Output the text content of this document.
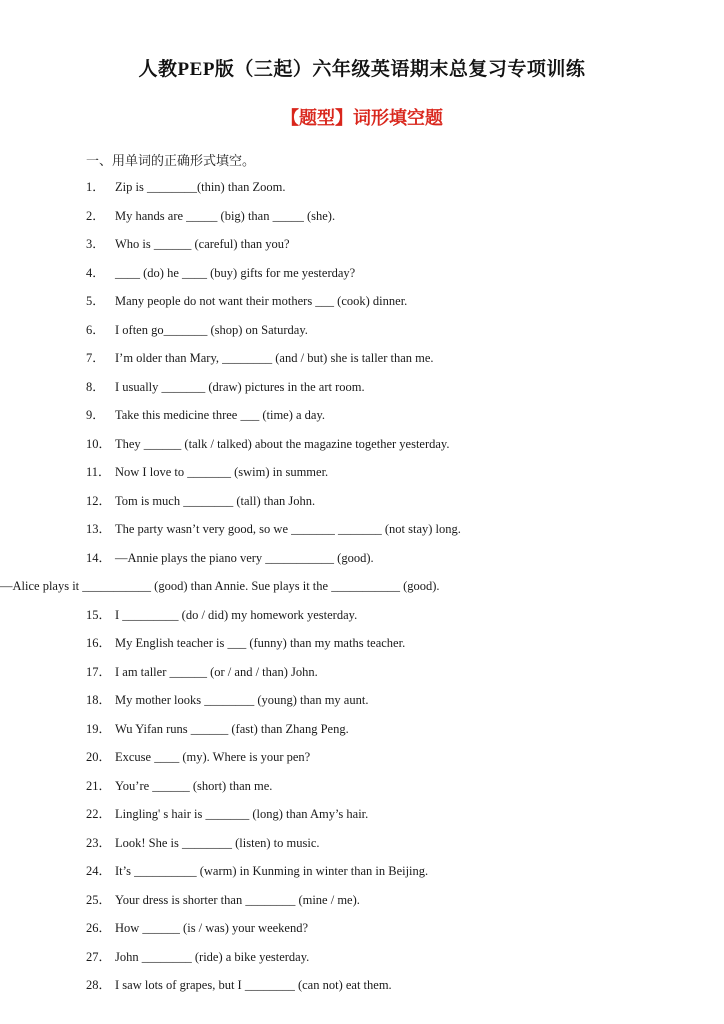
人教PEP版（三起）六年级英语期末总复习专项训练
【题型】词形填空题
一、用单词的正确形式填空。
1． Zip is ________(thin) than Zoom.
2． My hands are _____ (big) than _____ (she).
3． Who is ______ (careful) than you?
4． ____ (do) he ____ (buy) gifts for me yesterday?
5． Many people do not want their mothers ___ (cook) dinner.
6． I often go_______ (shop) on Saturday.
7． I’m older than Mary, ________ (and / but) she is taller than me.
8． I usually _______ (draw) pictures in the art room.
9． Take this medicine three ___ (time) a day.
10． They ______ (talk / talked) about the magazine together yesterday.
11． Now I love to _______ (swim) in summer.
12． Tom is much ________ (tall) than John.
13． The party wasn’t very good, so we _______ _______ (not stay) long.
14． —Annie plays the piano very ___________ (good).
—Alice plays it ___________ (good) than Annie. Sue plays it the ___________ (good).
15． I _________ (do / did) my homework yesterday.
16． My English teacher is ___ (funny) than my maths teacher.
17． I am taller ______ (or / and / than) John.
18． My mother looks ________ (young) than my aunt.
19． Wu Yifan runs ______ (fast) than Zhang Peng.
20． Excuse ____ (my). Where is your pen?
21． You’re ______ (short) than me.
22． Lingling' s hair is _______ (long) than Amy’s hair.
23． Look! She is ________ (listen) to music.
24． It’s __________ (warm) in Kunming in winter than in Beijing.
25． Your dress is shorter than ________ (mine / me).
26． How ______ (is / was) your weekend?
27． John ________ (ride) a bike yesterday.
28． I saw lots of grapes, but I ________ (can not) eat them.
